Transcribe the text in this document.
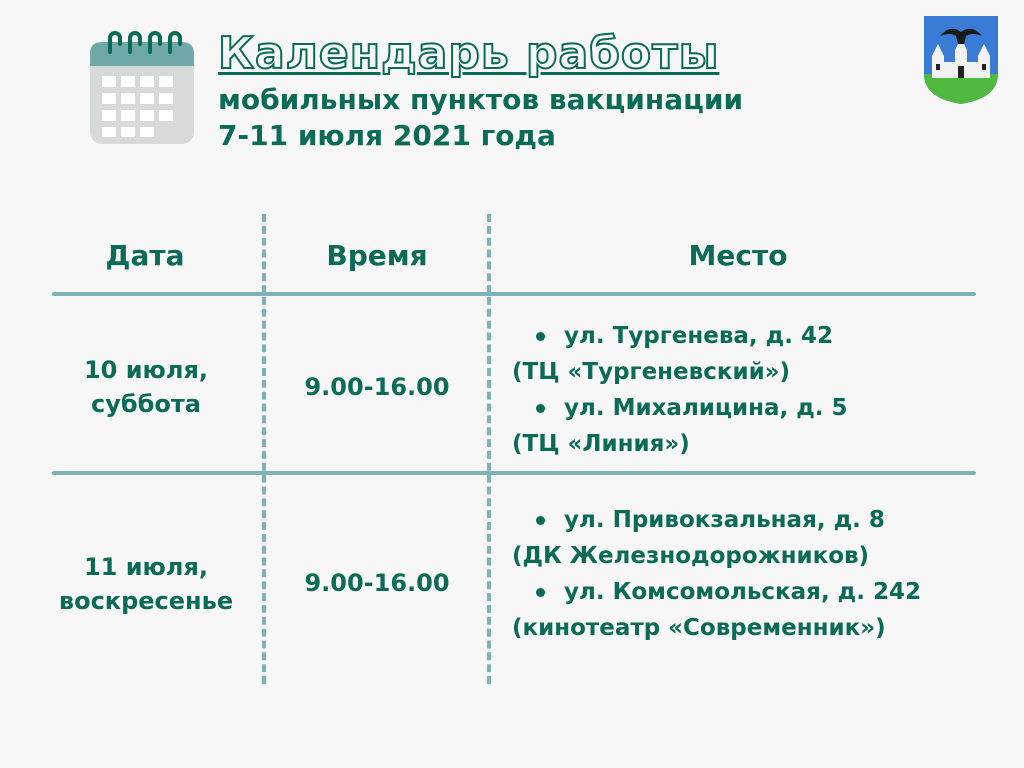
Календарь работы
мобильных пунктов вакцинации
7-11 июля 2021 года
Дата	Время	Место
10 июля,
суббота
9.00-16.00
ул. Тургенева, д. 42
(ТЦ «Тургеневский»)
ул. Михалицина, д. 5
(ТЦ «Линия»)
11 июля,
воскресенье
9.00-16.00
ул. Привокзальная, д. 8
(ДК Железнодорожников)
ул. Комсомольская, д. 242
(кинотеатр «Современник»)
